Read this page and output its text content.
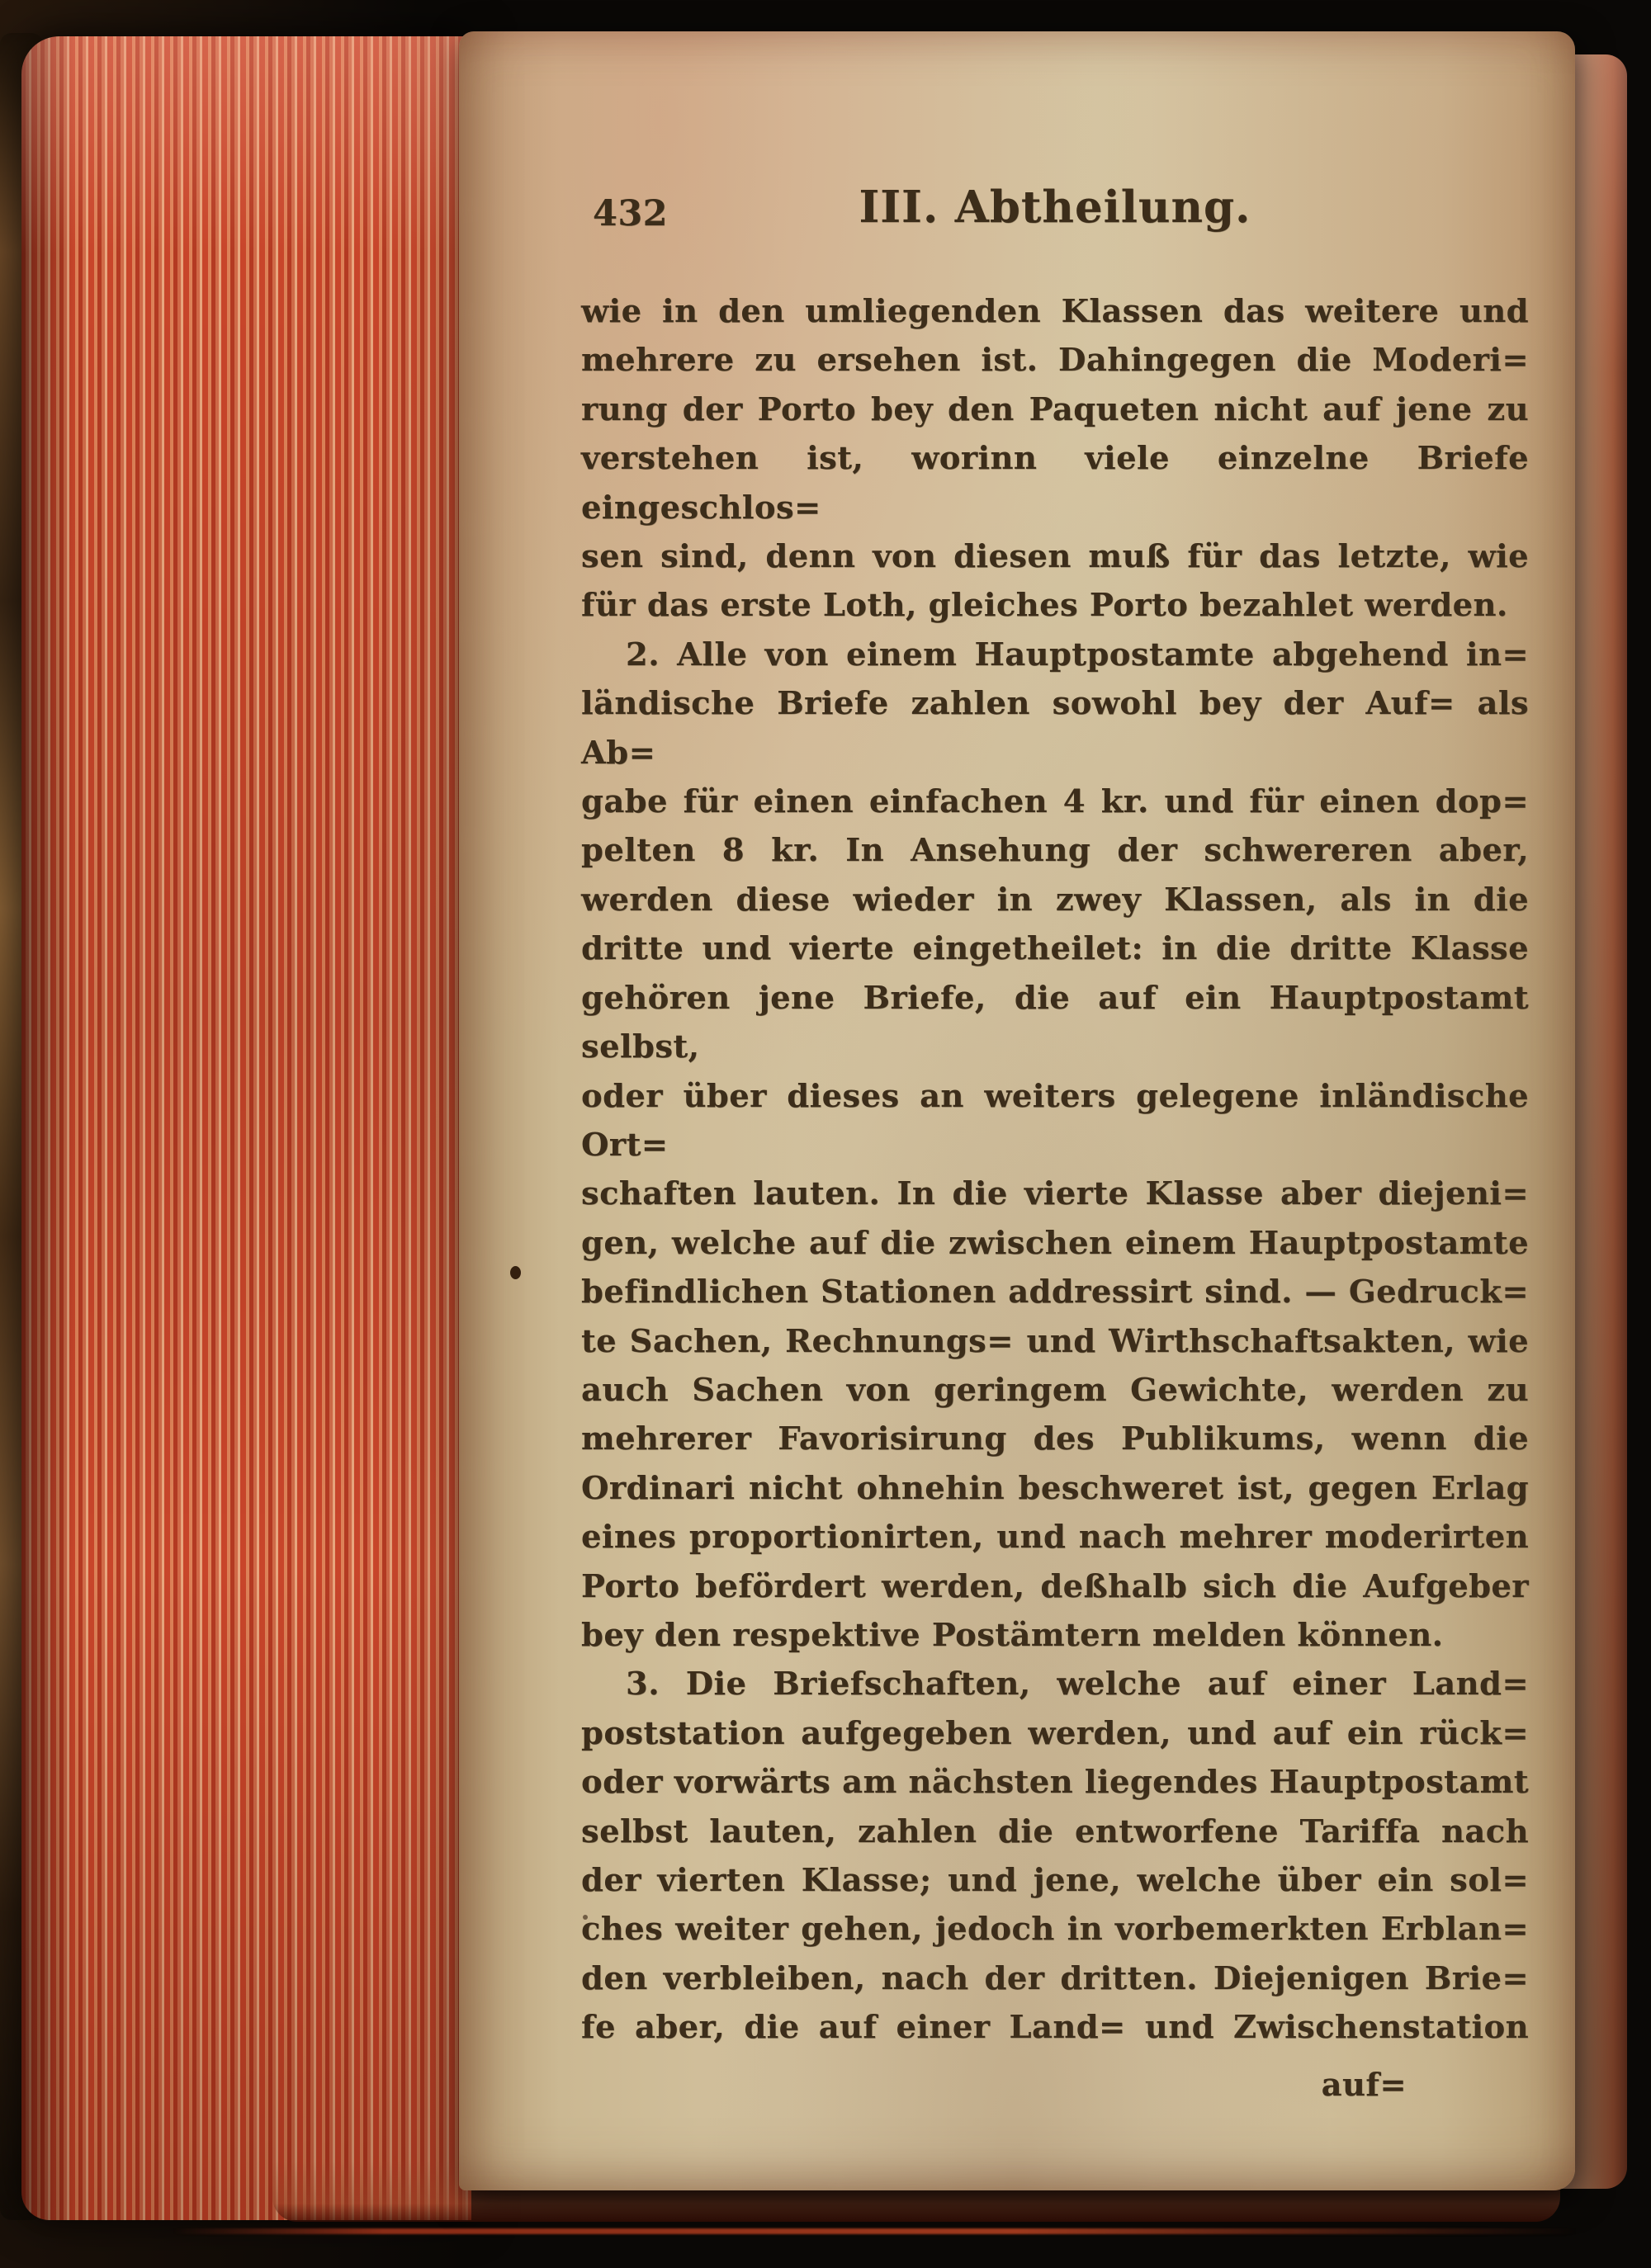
432	III. Abtheilung.
wie in den umliegenden Klassen das weitere und
mehrere zu ersehen ist. Dahingegen die Moderi=
rung der Porto bey den Paqueten nicht auf jene zu
verstehen ist, worinn viele einzelne Briefe eingeschlos=
sen sind, denn von diesen muß für das letzte, wie
für das erste Loth, gleiches Porto bezahlet werden.
2. Alle von einem Hauptpostamte abgehend in=
ländische Briefe zahlen sowohl bey der Auf= als Ab=
gabe für einen einfachen 4 kr. und für einen dop=
pelten 8 kr. In Ansehung der schwereren aber,
werden diese wieder in zwey Klassen, als in die
dritte und vierte eingetheilet: in die dritte Klasse
gehören jene Briefe, die auf ein Hauptpostamt selbst,
oder über dieses an weiters gelegene inländische Ort=
schaften lauten. In die vierte Klasse aber diejeni=
gen, welche auf die zwischen einem Hauptpostamte
befindlichen Stationen addressirt sind. — Gedruck=
te Sachen, Rechnungs= und Wirthschaftsakten, wie
auch Sachen von geringem Gewichte, werden zu
mehrerer Favorisirung des Publikums, wenn die
Ordinari nicht ohnehin beschweret ist, gegen Erlag
eines proportionirten, und nach mehrer moderirten
Porto befördert werden, deßhalb sich die Aufgeber
bey den respektive Postämtern melden können.
3. Die Briefschaften, welche auf einer Land=
poststation aufgegeben werden, und auf ein rück=
oder vorwärts am nächsten liegendes Hauptpostamt
selbst lauten, zahlen die entworfene Tariffa nach
der vierten Klasse; und jene, welche über ein sol=
ches weiter gehen, jedoch in vorbemerkten Erblan=
den verbleiben, nach der dritten. Diejenigen Brie=
fe aber, die auf einer Land= und Zwischenstation
auf=
